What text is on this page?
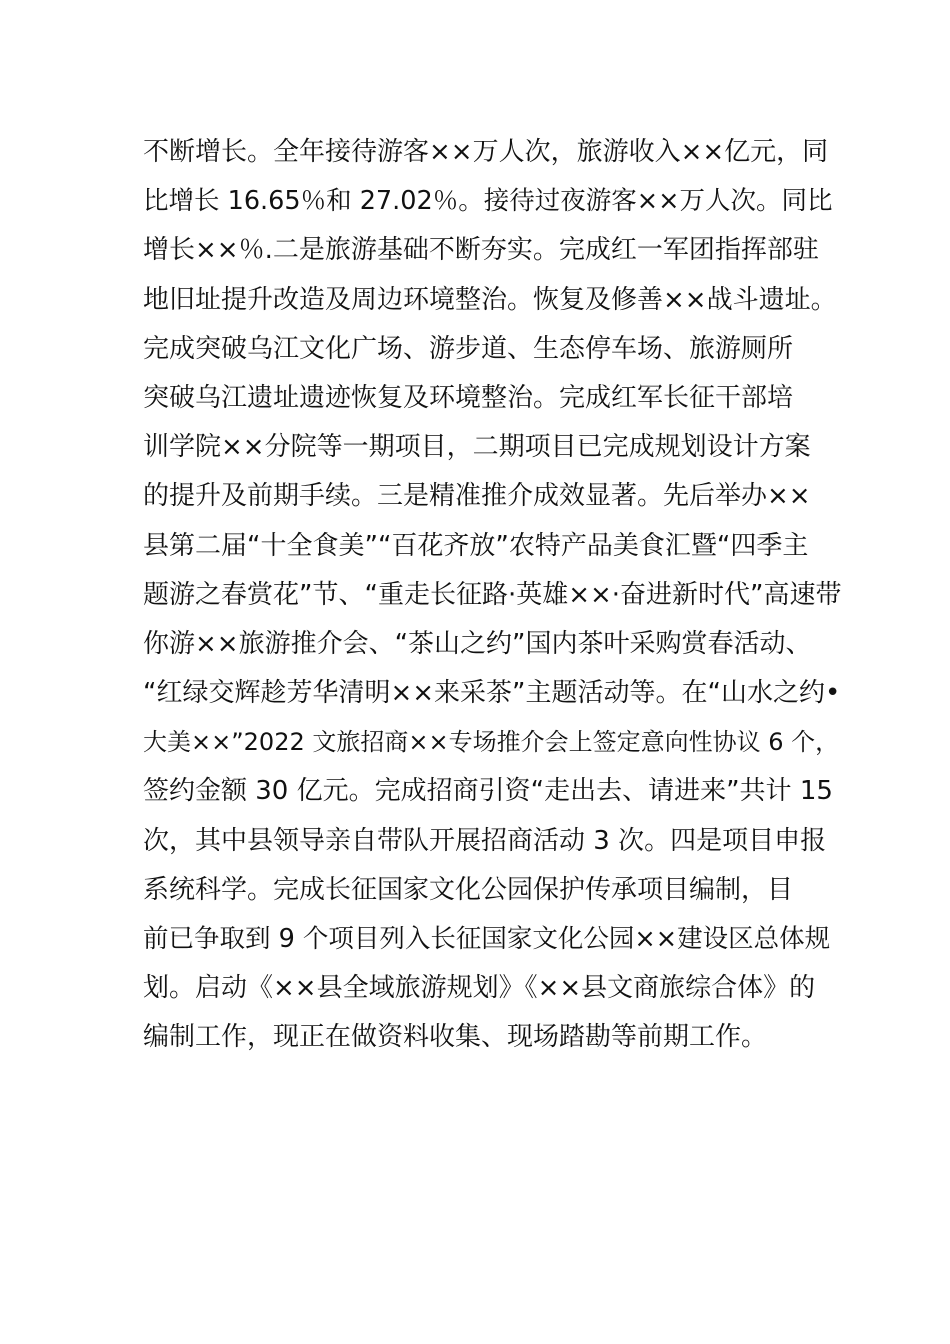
不断增长。全年接待游客××万人次，旅游收入××亿元，同
比增长 16.65％和 27.02％。接待过夜游客××万人次。同比
增长××％.二是旅游基础不断夯实。完成红一军团指挥部驻
地旧址提升改造及周边环境整治。恢复及修善××战斗遗址。
完成突破乌江文化广场、游步道、生态停车场、旅游厕所
突破乌江遗址遗迹恢复及环境整治。完成红军长征干部培
训学院××分院等一期项目，二期项目已完成规划设计方案
的提升及前期手续。三是精准推介成效显著。先后举办××
县第二届“十全食美”“百花齐放”农特产品美食汇暨“四季主
题游之春赏花”节、“重走长征路·英雄××·奋进新时代”高速带
你游××旅游推介会、“茶山之约”国内茶叶采购赏春活动、
“红绿交辉趁芳华清明××来采茶”主题活动等。在“山水之约•
大美××”2022 文旅招商××专场推介会上签定意向性协议 6 个，
签约金额 30 亿元。完成招商引资“走出去、请进来”共计 15
次，其中县领导亲自带队开展招商活动 3 次。四是项目申报
系统科学。完成长征国家文化公园保护传承项目编制，目
前已争取到 9 个项目列入长征国家文化公园××建设区总体规
划。启动《××县全域旅游规划》《××县文商旅综合体》的
编制工作，现正在做资料收集、现场踏勘等前期工作。
